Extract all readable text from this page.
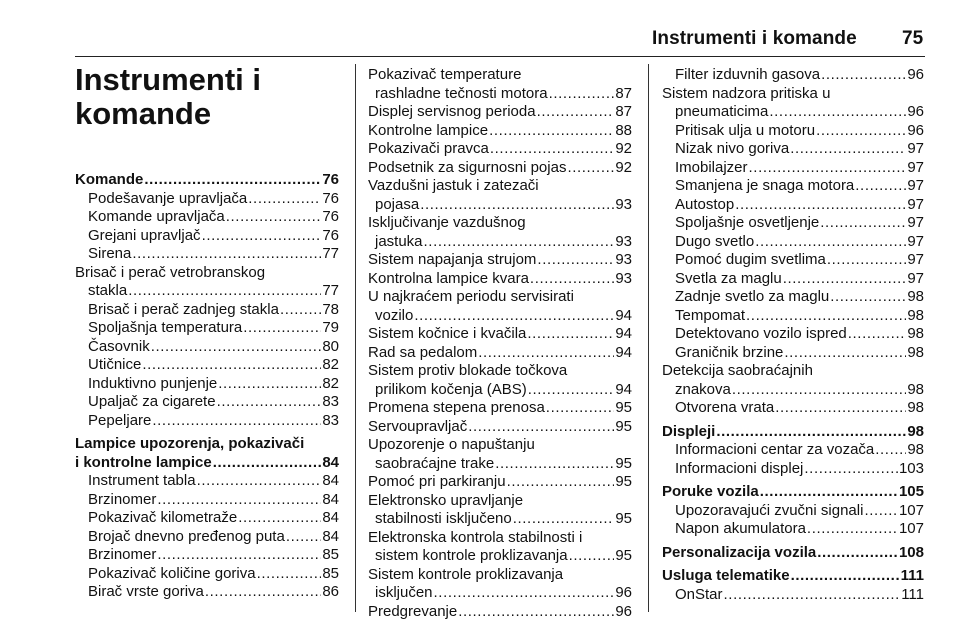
Instrumenti i komande 75
Instrumenti i
komande
Komande .....	76
Podešavanje upravljača .....	76
Komande upravljača .....	76
Grejani upravljač .....	76
Sirena .....	77
Brisač i perač vetrobranskog
stakla .....	77
Brisač i perač zadnjeg stakla .....	78
Spoljašnja temperatura .....	79
Časovnik .....	80
Utičnice .....	82
Induktivno punjenje .....	82
Upaljač za cigarete .....	83
Pepeljare .....	83
Lampice upozorenja, pokazivači
i kontrolne lampice .....	84
Instrument tabla .....	84
Brzinomer .....	84
Pokazivač kilometraže .....	84
Brojač dnevno pređenog puta ..... 84
Brzinomer .....	85
Pokazivač količine goriva .....	85
Birač vrste goriva .....	86
Pokazivač temperature
rashladne tečnosti motora .....	87
Displej servisnog perioda .....	87
Kontrolne lampice .....	88
Pokazivači pravca .....	92
Podsetnik za sigurnosni pojas .....	92
Vazdušni jastuk i zatezači
pojasa .....	93
Isključivanje vazdušnog
jastuka .....	93
Sistem napajanja strujom .....	93
Kontrolna lampice kvara .....	93
U najkraćem periodu servisirati
vozilo .....	94
Sistem kočnice i kvačila .....	94
Rad sa pedalom .....	94
Sistem protiv blokade točkova
prilikom kočenja (ABS) .....	94
Promena stepena prenosa .....	95
Servoupravljač .....	95
Upozorenje o napuštanju
saobraćajne trake .....	95
Pomoć pri parkiranju .....	95
Elektronsko upravljanje
stabilnosti isključeno .....	95
Elektronska kontrola stabilnosti i
sistem kontrole proklizavanja .....	95
Sistem kontrole proklizavanja
isključen .....	96
Predgrevanje .....	96
Filter izduvnih gasova .....	96
Sistem nadzora pritiska u
pneumaticima .....	96
Pritisak ulja u motoru .....	96
Nizak nivo goriva .....	97
Imobilajzer .....	97
Smanjena je snaga motora .....	97
Autostop .....	97
Spoljašnje osvetljenje .....	97
Dugo svetlo .....	97
Pomoć dugim svetlima .....	97
Svetla za maglu .....	97
Zadnje svetlo za maglu .....	98
Tempomat .....	98
Detektovano vozilo ispred .....	98
Graničnik brzine .....	98
Detekcija saobraćajnih
znakova .....	98
Otvorena vrata .....	98
Displeji .....	98
Informacioni centar za vozača ..... 98
Informacioni displej .....	103
Poruke vozila .....	105
Upozoravajući zvučni signali ..... 107
Napon akumulatora .....	107
Personalizacija vozila .....	108
Usluga telematike .....	111
OnStar .....	111
